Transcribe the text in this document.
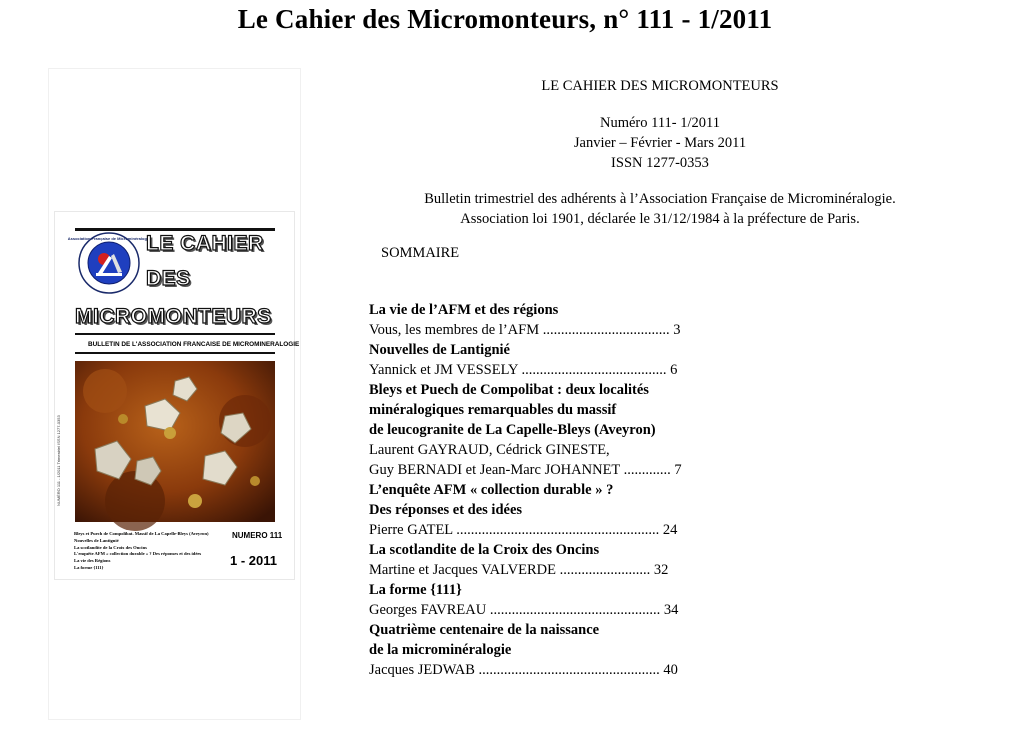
Le Cahier des Micromonteurs, n° 111 - 1/2011
NUMÉRO 111 - 1/2011 Trimestriel ISSN 1277-0353
Association Française de Microminéralogie
LE CAHIER
DES
MICROMONTEURS
BULLETIN DE L'ASSOCIATION FRANCAISE DE MICROMINERALOGIE
Bleys et Puech de Compolibat. Massif de La Capelle-Bleys (Aveyron)
Nouvelles de Lantignié
La scotlandite de la Croix des Oncins
L'enquête AFM « collection durable » ? Des réponses et des idées
La vie des Régions
La forme {111}
NUMERO 111
1 - 2011
LE CAHIER DES MICROMONTEURS
Numéro 111- 1/2011
Janvier – Février - Mars 2011
ISSN 1277-0353
Bulletin trimestriel des adhérents à l’Association Française de Microminéralogie.
Association loi 1901, déclarée le 31/12/1984 à la préfecture de Paris.
SOMMAIRE
La vie de l’AFM et des régions
Vous, les membres de l’AFM ................................... 3
Nouvelles de Lantignié
Yannick et JM VESSELY ........................................ 6
Bleys et Puech de Compolibat : deux localités
minéralogiques remarquables du massif
de leucogranite de La Capelle-Bleys (Aveyron)
Laurent GAYRAUD, Cédrick GINESTE,
Guy BERNADI et Jean-Marc JOHANNET ............. 7
L’enquête AFM « collection durable » ?
Des réponses et des idées
Pierre GATEL ........................................................ 24
La scotlandite de la Croix des Oncins
Martine et Jacques VALVERDE ......................... 32
La forme {111}
Georges FAVREAU ............................................... 34
Quatrième centenaire de la naissance
de la microminéralogie
Jacques JEDWAB .................................................. 40
